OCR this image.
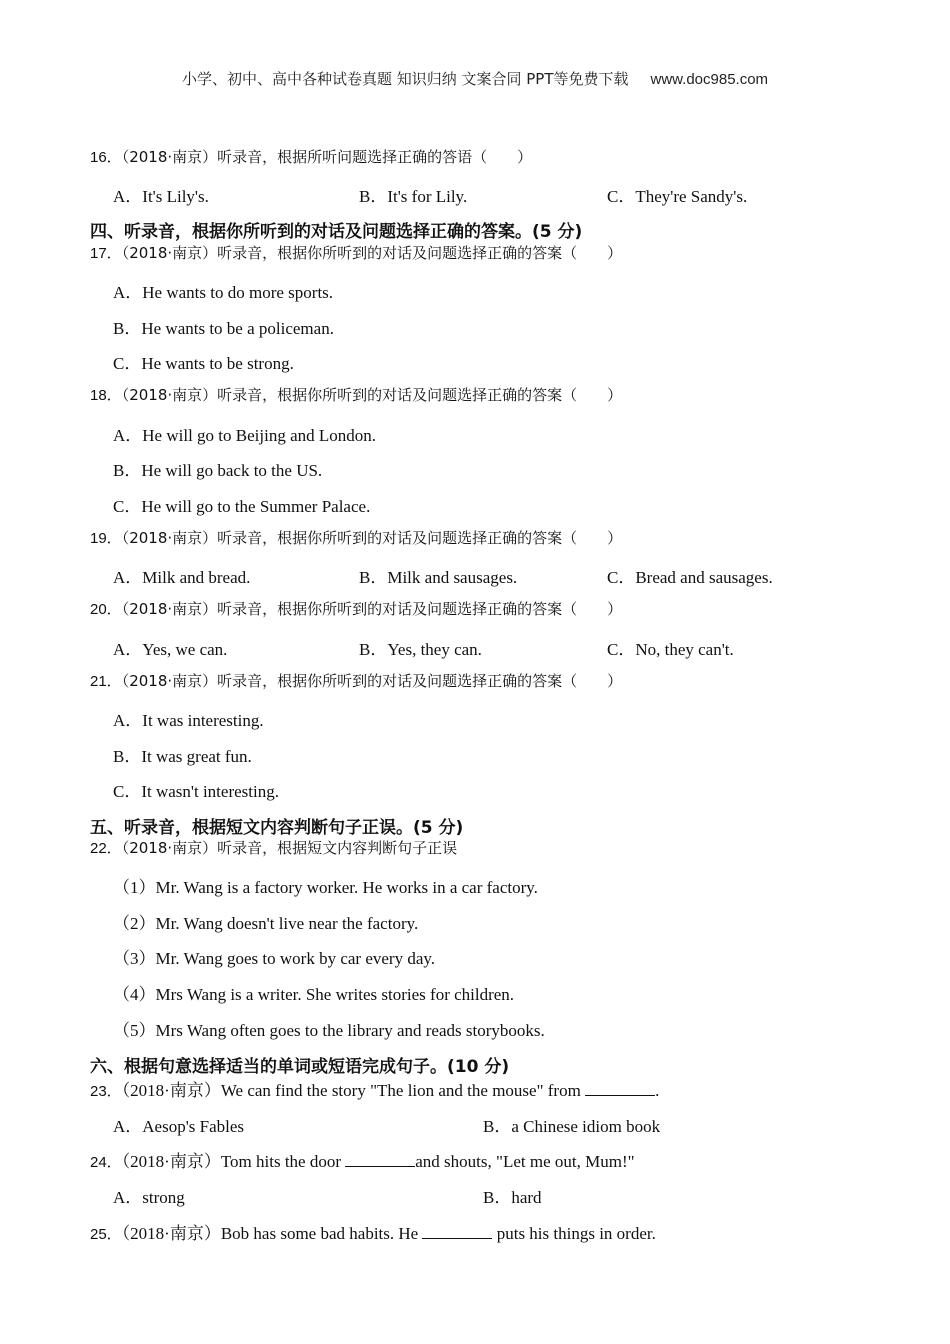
小学、初中、高中各种试卷真题 知识归纳 文案合同 PPT等免费下载 www.doc985.com
16．（2018·南京）听录音，根据所听问题选择正确的答语（　　）
A．It's Lily's.	B．It's for Lily.	C．They're Sandy's.
四、听录音，根据你所听到的对话及问题选择正确的答案。(5 分)
17．（2018·南京）听录音，根据你所听到的对话及问题选择正确的答案（　　）
A．He wants to do more sports.
B．He wants to be a policeman.
C．He wants to be strong.
18．（2018·南京）听录音，根据你所听到的对话及问题选择正确的答案（　　）
A．He will go to Beijing and London.
B．He will go back to the US.
C．He will go to the Summer Palace.
19．（2018·南京）听录音，根据你所听到的对话及问题选择正确的答案（　　）
A．Milk and bread.	B．Milk and sausages.	C．Bread and sausages.
20．（2018·南京）听录音，根据你所听到的对话及问题选择正确的答案（　　）
A．Yes, we can.	B．Yes, they can.	C．No, they can't.
21．（2018·南京）听录音，根据你所听到的对话及问题选择正确的答案（　　）
A．It was interesting.
B．It was great fun.
C．It wasn't interesting.
五、听录音，根据短文内容判断句子正误。(5 分)
22．（2018·南京）听录音，根据短文内容判断句子正误
（1）Mr. Wang is a factory worker. He works in a car factory.
（2）Mr. Wang doesn't live near the factory.
（3）Mr. Wang goes to work by car every day.
（4）Mrs Wang is a writer. She writes stories for children.
（5）Mrs Wang often goes to the library and reads storybooks.
六、根据句意选择适当的单词或短语完成句子。(10 分)
23．（2018·南京）We can find the story "The lion and the mouse" from	.
A．Aesop's Fables	B．a Chinese idiom book
24．（2018·南京）Tom hits the door	and shouts, "Let me out, Mum!"
A．strong	B．hard
25．（2018·南京）Bob has some bad habits. He	puts his things in order.
